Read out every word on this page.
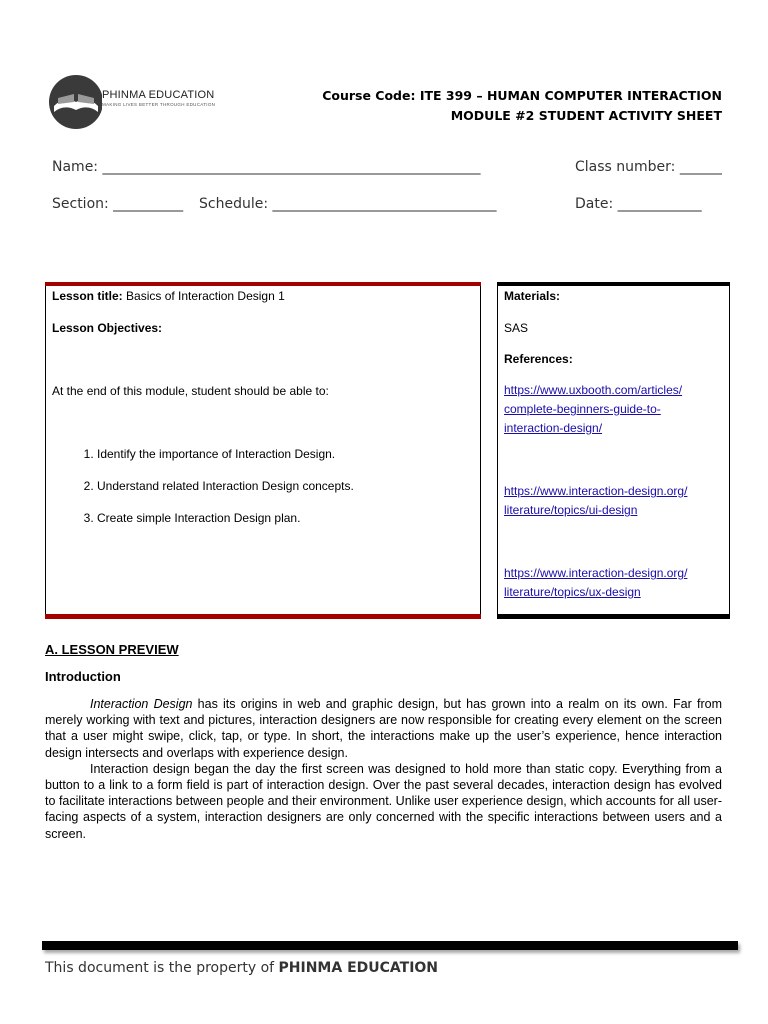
PHINMA EDUCATION
MAKING LIVES BETTER THROUGH EDUCATION
Course Code: ITE 399 – HUMAN COMPUTER INTERACTION
MODULE #2 STUDENT ACTIVITY SHEET
Name: ______________________________________________________	Class number: ______
Section: __________ Schedule: ________________________________	Date: ____________
Lesson title: Basics of Interaction Design 1
Lesson Objectives:
At the end of this module, student should be able to:
1. Identify the importance of Interaction Design.
2. Understand related Interaction Design concepts.
3. Create simple Interaction Design plan.
Materials:
SAS
References:
https://www.uxbooth.com/articles/
complete-beginners-guide-to-
interaction-design/
https://www.interaction-design.org/
literature/topics/ui-design
https://www.interaction-design.org/
literature/topics/ux-design
A. LESSON PREVIEW
Introduction

Interaction Design has its origins in web and graphic design, but has grown into a realm on its own. Far from merely working with text and pictures, interaction designers are now responsible for creating every element on the screen that a user might swipe, click, tap, or type. In short, the interactions make up the user’s experience, hence interaction design intersects and overlaps with experience design.

Interaction design began the day the first screen was designed to hold more than static copy. Everything from a button to a link to a form field is part of interaction design. Over the past several decades, interaction design has evolved to facilitate interactions between people and their environment. Unlike user experience design, which accounts for all user-facing aspects of a system, interaction designers are only concerned with the specific interactions between users and a screen.

This document is the property of PHINMA EDUCATION
